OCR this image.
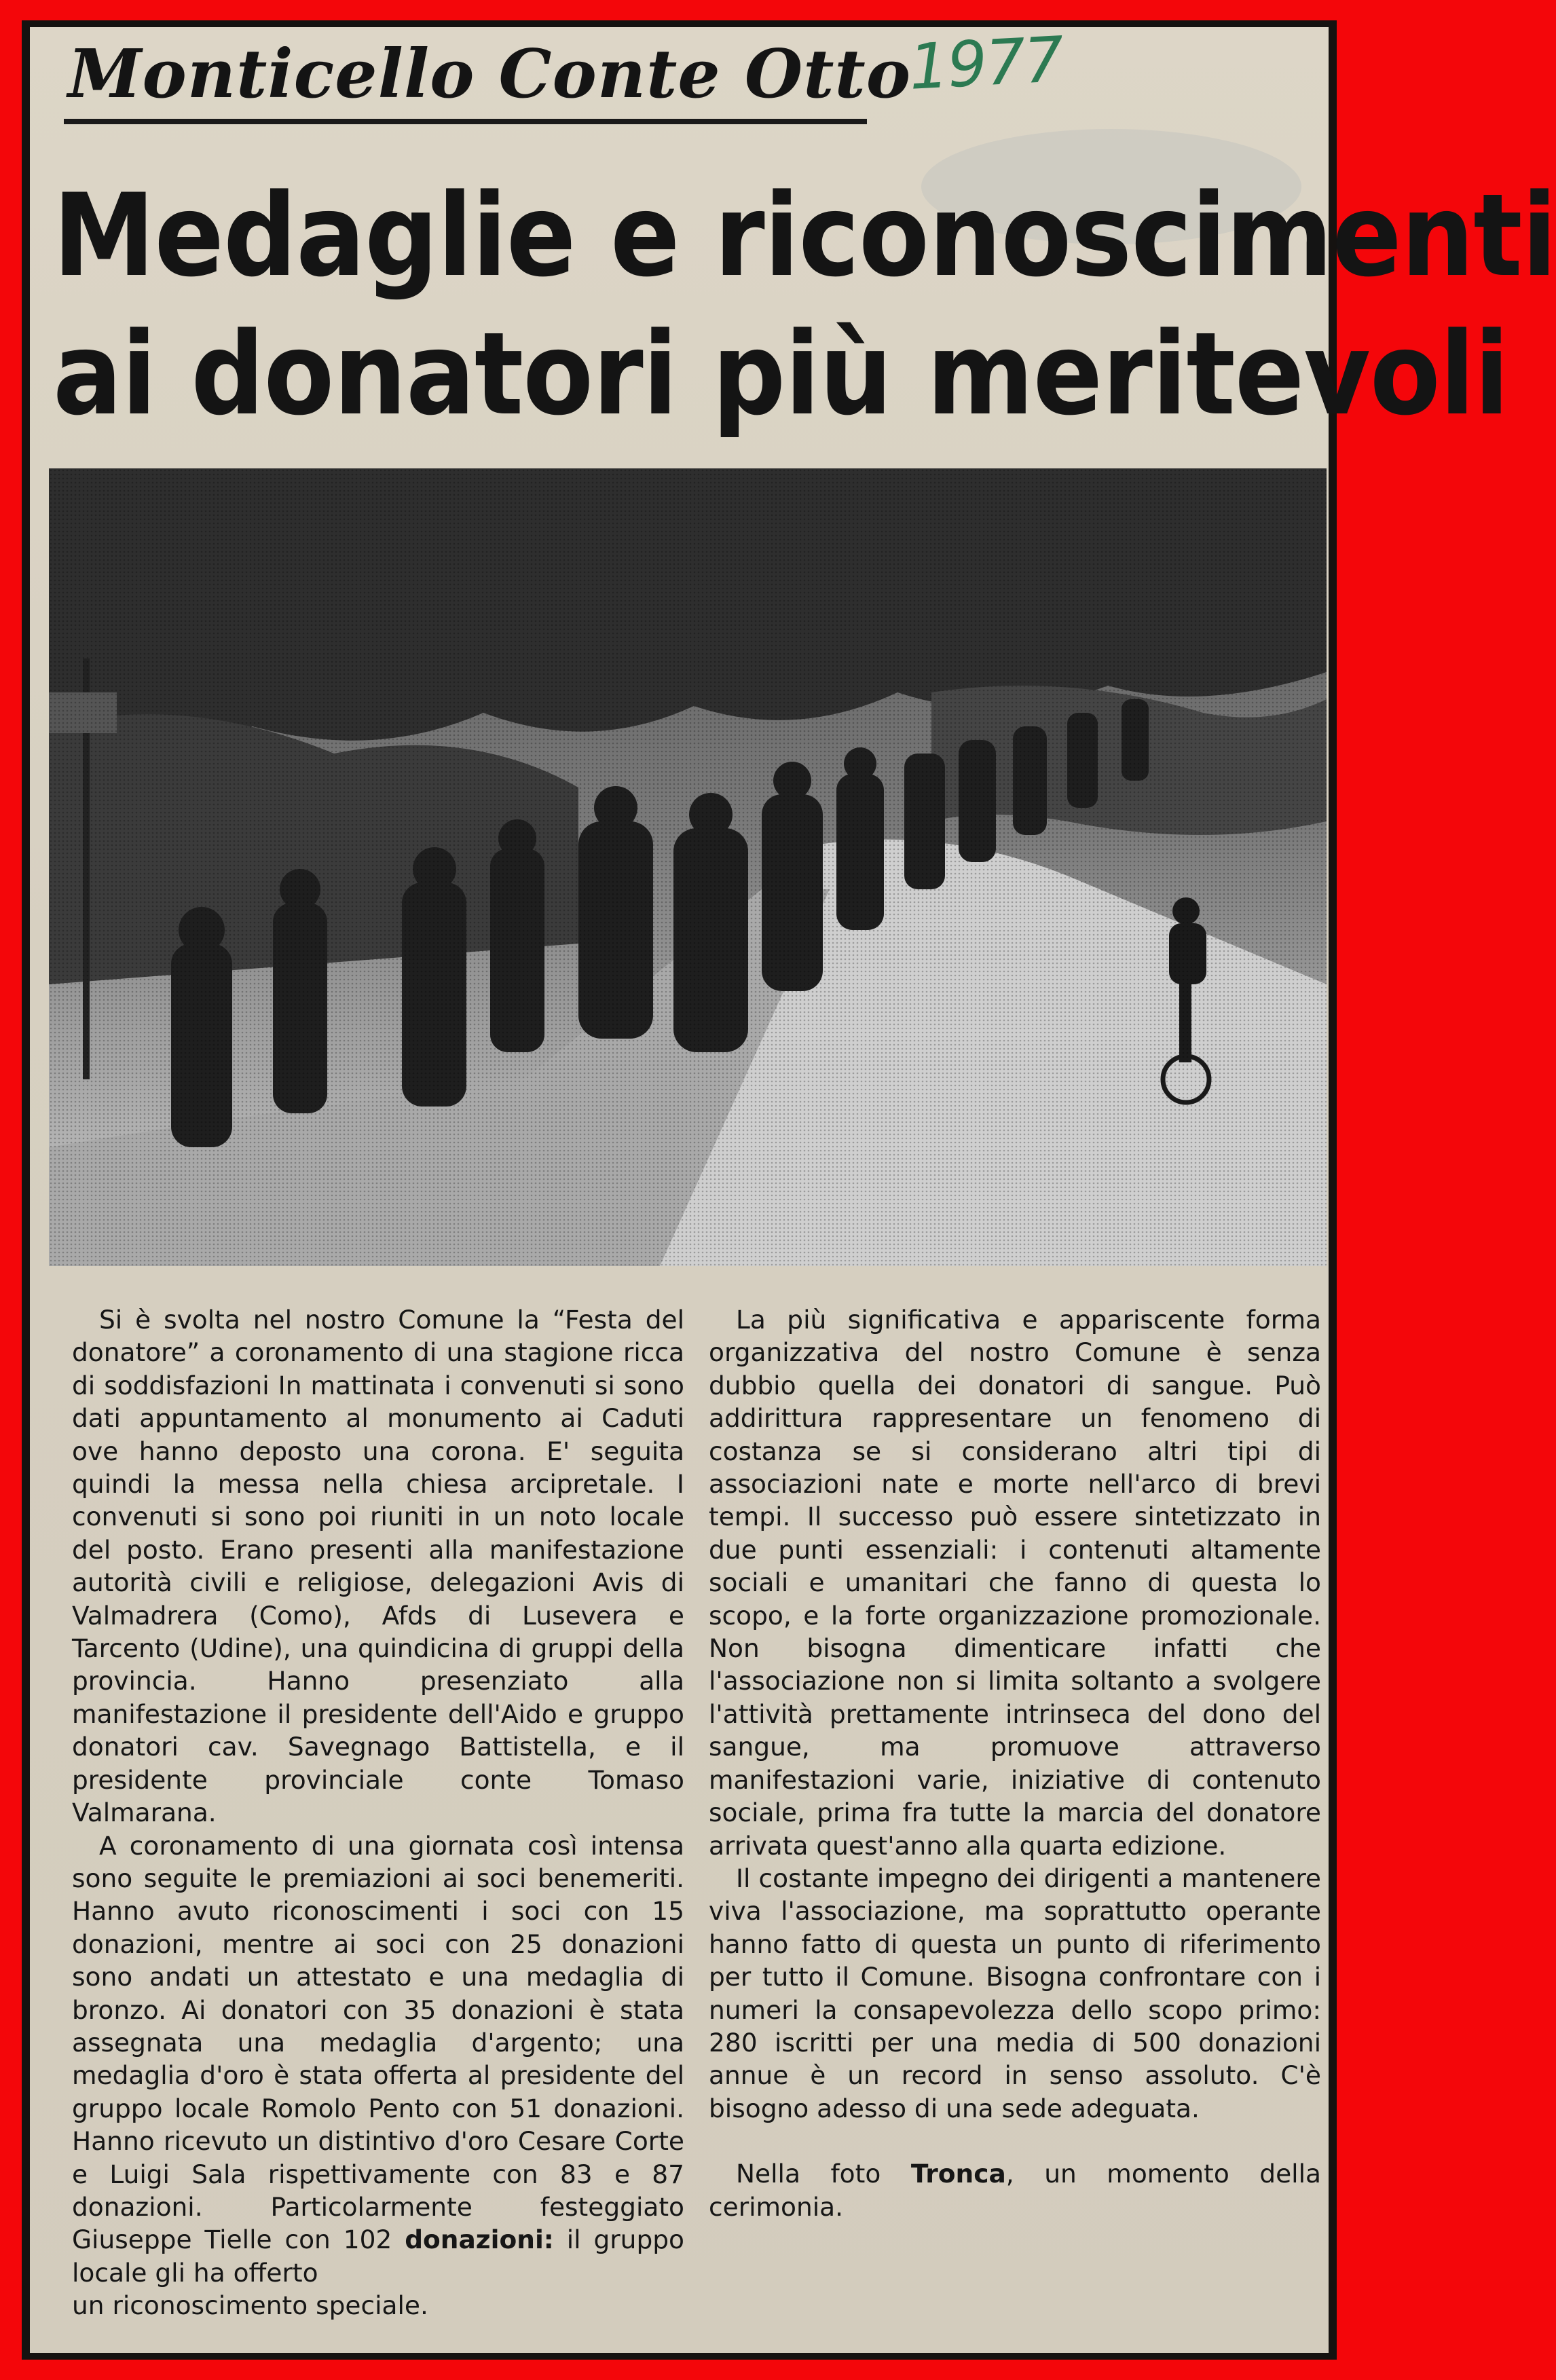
Monticello Conte Otto
1977
Medaglie e riconoscimenti
ai donatori più meritevoli

Si è svolta nel nostro Comune la “Festa del donatore” a coronamento di una stagione ricca di soddisfazioni In mattinata i convenuti si sono dati appuntamento al monumento ai Caduti ove hanno deposto una corona. E' seguita quindi la messa nella chiesa arcipretale. I convenuti si sono poi riuniti in un noto locale del posto. Erano presenti alla manifestazione autorità civili e religiose, delegazioni Avis di Valmadrera (Como), Afds di Lusevera e Tarcento (Udine), una quindicina di gruppi della provincia. Hanno presenziato alla manifestazione il presidente dell'Aido e gruppo donatori cav. Savegnago Battistella, e il presidente provinciale conte Tomaso Valmarana.

A coronamento di una giornata così intensa sono seguite le premiazioni ai soci benemeriti. Hanno avuto riconoscimenti i soci con 15 donazioni, mentre ai soci con 25 donazioni sono andati un attestato e una medaglia di bronzo. Ai donatori con 35 donazioni è stata assegnata una medaglia d'argento; una medaglia d'oro è stata offerta al presidente del gruppo locale Romolo Pento con 51 donazioni. Hanno ricevuto un distintivo d'oro Cesare Corte e Luigi Sala rispettivamente con 83 e 87 donazioni. Particolarmente festeggiato Giuseppe Tielle con 102 donazioni: il gruppo locale gli ha offerto

un riconoscimento speciale.

La più significativa e appariscente forma organizzativa del nostro Comune è senza dubbio quella dei donatori di sangue. Può addirittura rappresentare un fenomeno di costanza se si considerano altri tipi di associazioni nate e morte nell'arco di brevi tempi. Il successo può essere sintetizzato in due punti essenziali: i contenuti altamente sociali e umanitari che fanno di questa lo scopo, e la forte organizzazione promozionale. Non bisogna dimenticare infatti che l'associazione non si limita soltanto a svolgere l'attività prettamente intrinseca del dono del sangue, ma promuove attraverso manifestazioni varie, iniziative di contenuto sociale, prima fra tutte la marcia del donatore arrivata quest'anno alla quarta edizione.

Il costante impegno dei dirigenti a mantenere viva l'associazione, ma soprattutto operante hanno fatto di questa un punto di riferimento per tutto il Comune. Bisogna confrontare con i numeri la consapevolezza dello scopo primo: 280 iscritti per una media di 500 donazioni annue è un record in senso assoluto. C'è bisogno adesso di una sede adeguata.

Nella foto Tronca, un momento della cerimonia.
